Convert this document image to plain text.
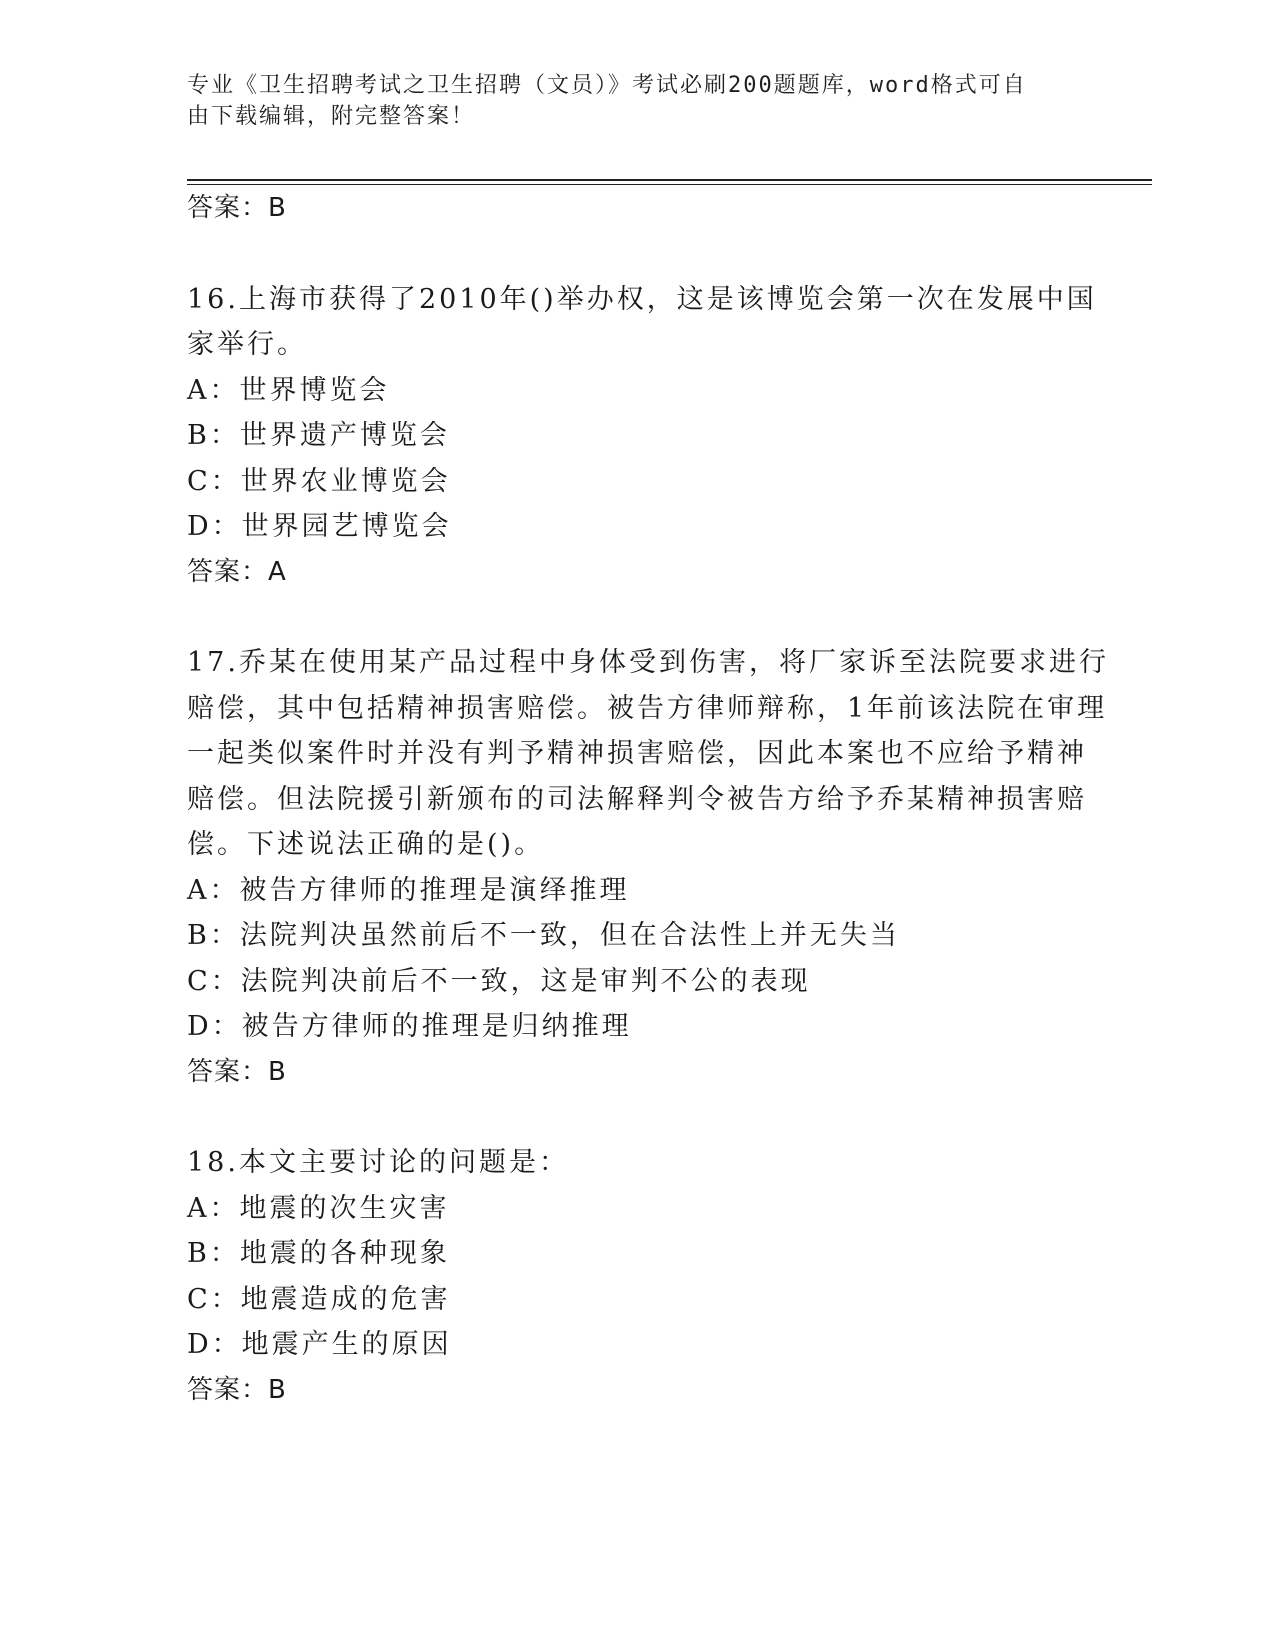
专业《卫生招聘考试之卫生招聘（文员）》考试必刷200题题库，word格式可自
由下载编辑，附完整答案！
答案：B
16.上海市获得了2010年()举办权，这是该博览会第一次在发展中国
家举行。
A：世界博览会
B：世界遗产博览会
C：世界农业博览会
D：世界园艺博览会
答案：A
17.乔某在使用某产品过程中身体受到伤害，将厂家诉至法院要求进行
赔偿，其中包括精神损害赔偿。被告方律师辩称，1年前该法院在审理
一起类似案件时并没有判予精神损害赔偿，因此本案也不应给予精神
赔偿。但法院援引新颁布的司法解释判令被告方给予乔某精神损害赔
偿。下述说法正确的是()。
A：被告方律师的推理是演绎推理
B：法院判决虽然前后不一致，但在合法性上并无失当
C：法院判决前后不一致，这是审判不公的表现
D：被告方律师的推理是归纳推理
答案：B
18.本文主要讨论的问题是：
A：地震的次生灾害
B：地震的各种现象
C：地震造成的危害
D：地震产生的原因
答案：B
